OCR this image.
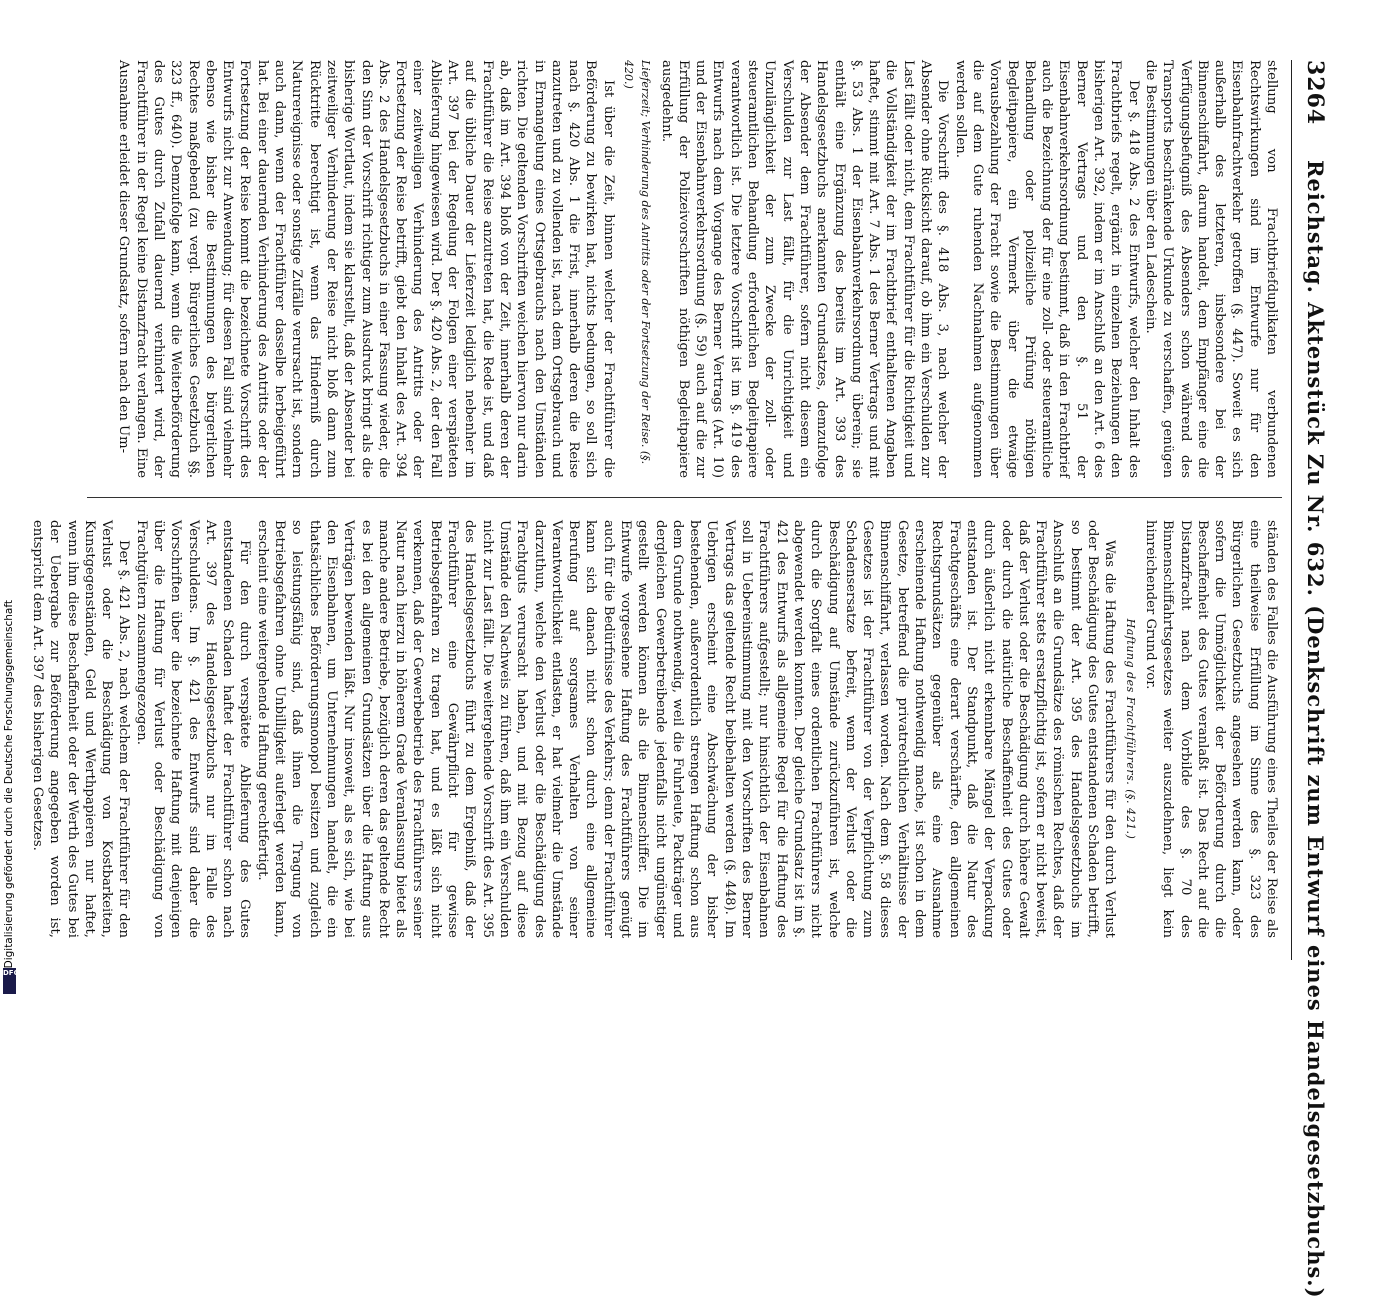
3264
Reichstag. Aktenstück Zu Nr. 632. (Denkschrift zum Entwurf eines Handelsgesetzbuchs.)

stellung von Frachtbriefduplikaten verbundenen Rechtswirkungen sind im Entwurfe nur für den Eisenbahnfrachtverkehr getroffen (§. 447). Soweit es sich außerhalb des letzteren, insbesondere bei der Binnenschiffahrt, darum handelt, dem Empfänger eine die Verfügungsbefugniß des Absenders schon während des Transports beschränkende Urkunde zu verschaffen, genügen die Bestimmungen über den Ladeschein.

Der §. 418 Abs. 2 des Entwurfs, welcher den Inhalt des Frachtbriefs regelt, ergänzt in einzelnen Beziehungen den bisherigen Art. 392, indem er im Anschluß an den Art. 6 des Berner Vertrags und den §. 51 der Eisenbahnverkehrsordnung bestimmt, daß in den Frachtbrief auch die Bezeichnung der für eine zoll- oder steueramtliche Behandlung oder polizeiliche Prüfung nöthigen Begleitpapiere, ein Vermerk über die etwaige Vorausbezahlung der Fracht sowie die Bestimmungen über die auf dem Gute ruhenden Nachnahmen aufgenommen werden sollen.

Die Vorschrift des §. 418 Abs. 3, nach welcher der Absender ohne Rücksicht darauf, ob ihm ein Verschulden zur Last fällt oder nicht, dem Frachtführer für die Richtigkeit und die Vollständigkeit der im Frachtbrief enthaltenen Angaben haftet, stimmt mit Art. 7 Abs. 1 des Berner Vertrags und mit §. 53 Abs. 1 der Eisenbahnverkehrsordnung überein; sie enthält eine Ergänzung des bereits im Art. 393 des Handelsgesetzbuchs anerkannten Grundsatzes, demzufolge der Absender dem Frachtführer, sofern nicht diesem ein Verschulden zur Last fällt, für die Unrichtigkeit und Unzulänglichkeit der zum Zwecke der zoll- oder steueramtlichen Behandlung erforderlichen Begleitpapiere verantwortlich ist. Die letztere Vorschrift ist im §. 419 des Entwurfs nach dem Vorgange des Berner Vertrags (Art. 10) und der Eisenbahnverkehrsordnung (§. 59) auch auf die zur Erfüllung der Polizeivorschriften nöthigen Begleitpapiere ausgedehnt.

Lieferzeit; Verhinderung des Antritts oder der Fortsetzung der Reise. (§. 420.)

Ist über die Zeit, binnen welcher der Frachtführer die Beförderung zu bewirken hat, nichts bedungen, so soll sich nach §. 420 Abs. 1 die Frist, innerhalb deren die Reise anzutreten und zu vollenden ist, nach dem Ortsgebrauch und in Ermangelung eines Ortsgebrauchs nach den Umständen richten. Die geltenden Vorschriften weichen hiervon nur darin ab, daß im Art. 394 bloß von der Zeit, innerhalb deren der Frachtführer die Reise anzutreten hat, die Rede ist, und daß auf die übliche Dauer der Lieferzeit lediglich nebenher im Art. 397 bei der Regelung der Folgen einer verspäteten Ablieferung hingewiesen wird. Der §. 420 Abs. 2, der den Fall einer zeitweiligen Verhinderung des Antritts oder der Fortsetzung der Reise betrifft, giebt den Inhalt des Art. 394 Abs. 2 des Handelsgesetzbuchs in einer Fassung wieder, die den Sinn der Vorschrift richtiger zum Ausdruck bringt als die bisherige Wortlaut, indem sie klarstellt, daß der Absender bei zeitweiliger Verhinderung der Reise nicht bloß dann zum Rücktritte berechtigt ist, wenn das Hinderniß durch Naturereignisse oder sonstige Zufälle verursacht ist, sondern auch dann, wenn der Frachtführer dasselbe herbeigeführt hat. Bei einer dauernden Verhinderung des Antritts oder der Fortsetzung der Reise kommt die bezeichnete Vorschrift des Entwurfs nicht zur Anwendung; für diesen Fall sind vielmehr ebenso wie bisher die Bestimmungen des bürgerlichen Rechtes maßgebend (zu vergl. Bürgerliches Gesetzbuch §§. 323 ff., 640). Demzufolge kann, wenn die Weiterbeförderung des Gutes durch Zufall dauernd verhindert wird, der Frachtführer in der Regel keine Distanzfracht verlangen. Eine Ausnahme erleidet dieser Grundsatz, sofern nach den Um-

ständen des Falles die Ausführung eines Theiles der Reise als eine theilweise Erfüllung im Sinne des §. 323 des Bürgerlichen Gesetzbuchs angesehen werden kann, oder sofern die Unmöglichkeit der Beförderung durch die Beschaffenheit des Gutes veranlaßt ist. Das Recht auf die Distanzfracht nach dem Vorbilde des §. 70 des Binnenschiffahrtsgesetzes weiter auszudehnen, liegt kein hinreichender Grund vor.

Haftung des Frachtführers. (§. 421.)

Was die Haftung des Frachtführers für den durch Verlust oder Beschädigung des Gutes entstandenen Schaden betrifft, so bestimmt der Art. 395 des Handelsgesetzbuchs im Anschluß an die Grundsätze des römischen Rechtes, daß der Frachtführer stets ersatzpflichtig ist, sofern er nicht beweist, daß der Verlust oder die Beschädigung durch höhere Gewalt oder durch die natürliche Beschaffenheit des Gutes oder durch äußerlich nicht erkennbare Mängel der Verpackung entstanden ist. Der Standpunkt, daß die Natur des Frachtgeschäfts eine derart verschärfte, den allgemeinen Rechtsgrundsätzen gegenüber als eine Ausnahme erscheinende Haftung nothwendig mache, ist schon in dem Gesetze, betreffend die privatrechtlichen Verhältnisse der Binnenschiffahrt, verlassen worden. Nach dem §. 58 dieses Gesetzes ist der Frachtführer von der Verpflichtung zum Schadensersatze befreit, wenn der Verlust oder die Beschädigung auf Umstände zurückzuführen ist, welche durch die Sorgfalt eines ordentlichen Frachtführers nicht abgewendet werden konnten. Der gleiche Grundsatz ist im §. 421 des Entwurfs als allgemeine Regel für die Haftung des Frachtführers aufgestellt; nur hinsichtlich der Eisenbahnen soll in Uebereinstimmung mit den Vorschriften des Berner Vertrags das geltende Recht beibehalten werden (§. 448). Im Uebrigen erscheint eine Abschwächung der bisher bestehenden, außerordentlich strengen Haftung schon aus dem Grunde nothwendig, weil die Fuhrleute, Packträger und dergleichen Gewerbetreibende jedenfalls nicht ungünstiger gestellt werden können als die Binnenschiffer. Die im Entwurfe vorgesehene Haftung des Frachtführers genügt auch für die Bedürfnisse des Verkehrs; denn der Frachtführer kann sich danach nicht schon durch eine allgemeine Berufung auf sorgsames Verhalten von seiner Verantwortlichkeit entlasten, er hat vielmehr die Umstände darzuthun, welche den Verlust oder die Beschädigung des Frachtguts verursacht haben, und mit Bezug auf diese Umstände den Nachweis zu führen, daß ihm ein Verschulden nicht zur Last fällt. Die weitergehende Vorschrift des Art. 395 des Handelsgesetzbuchs führt zu dem Ergebniß, daß der Frachtführer eine Gewährpflicht für gewisse Betriebsgefahren zu tragen hat, und es läßt sich nicht verkennen, daß der Gewerbebetrieb des Frachtführers seiner Natur nach hierzu in höherem Grade Veranlassung bietet als manche andere Betriebe, bezüglich deren das geltende Recht es bei den allgemeinen Grundsätzen über die Haftung aus Verträgen bewenden läßt. Nur insoweit, als es sich, wie bei den Eisenbahnen, um Unternehmungen handelt, die ein thatsächliches Beförderungsmonopol besitzen und zugleich so leistungsfähig sind, daß ihnen die Tragung von Betriebsgefahren ohne Unbilligkeit auferlegt werden kann, erscheint eine weitergehende Haftung gerechtfertigt.

Für den durch verspätete Ablieferung des Gutes entstandenen Schaden haftet der Frachtführer schon nach Art. 397 des Handelsgesetzbuchs nur im Falle des Verschuldens. Im §. 421 des Entwurfs sind daher die Vorschriften über die bezeichnete Haftung mit denjenigen über die Haftung für Verlust oder Beschädigung von Frachtgütern zusammengezogen.

Der §. 421 Abs. 2, nach welchem der Frachtführer für den Verlust oder die Beschädigung von Kostbarkeiten, Kunstgegenständen, Geld und Werthpapieren nur haftet, wenn ihm diese Beschaffenheit oder der Werth des Gutes bei der Uebergabe zur Beförderung angegeben worden ist, entspricht dem Art. 397 des bisherigen Gesetzes.

Digitalisierung gefördert durch die Deutsche Forschungsgemeinschaft
DFG
